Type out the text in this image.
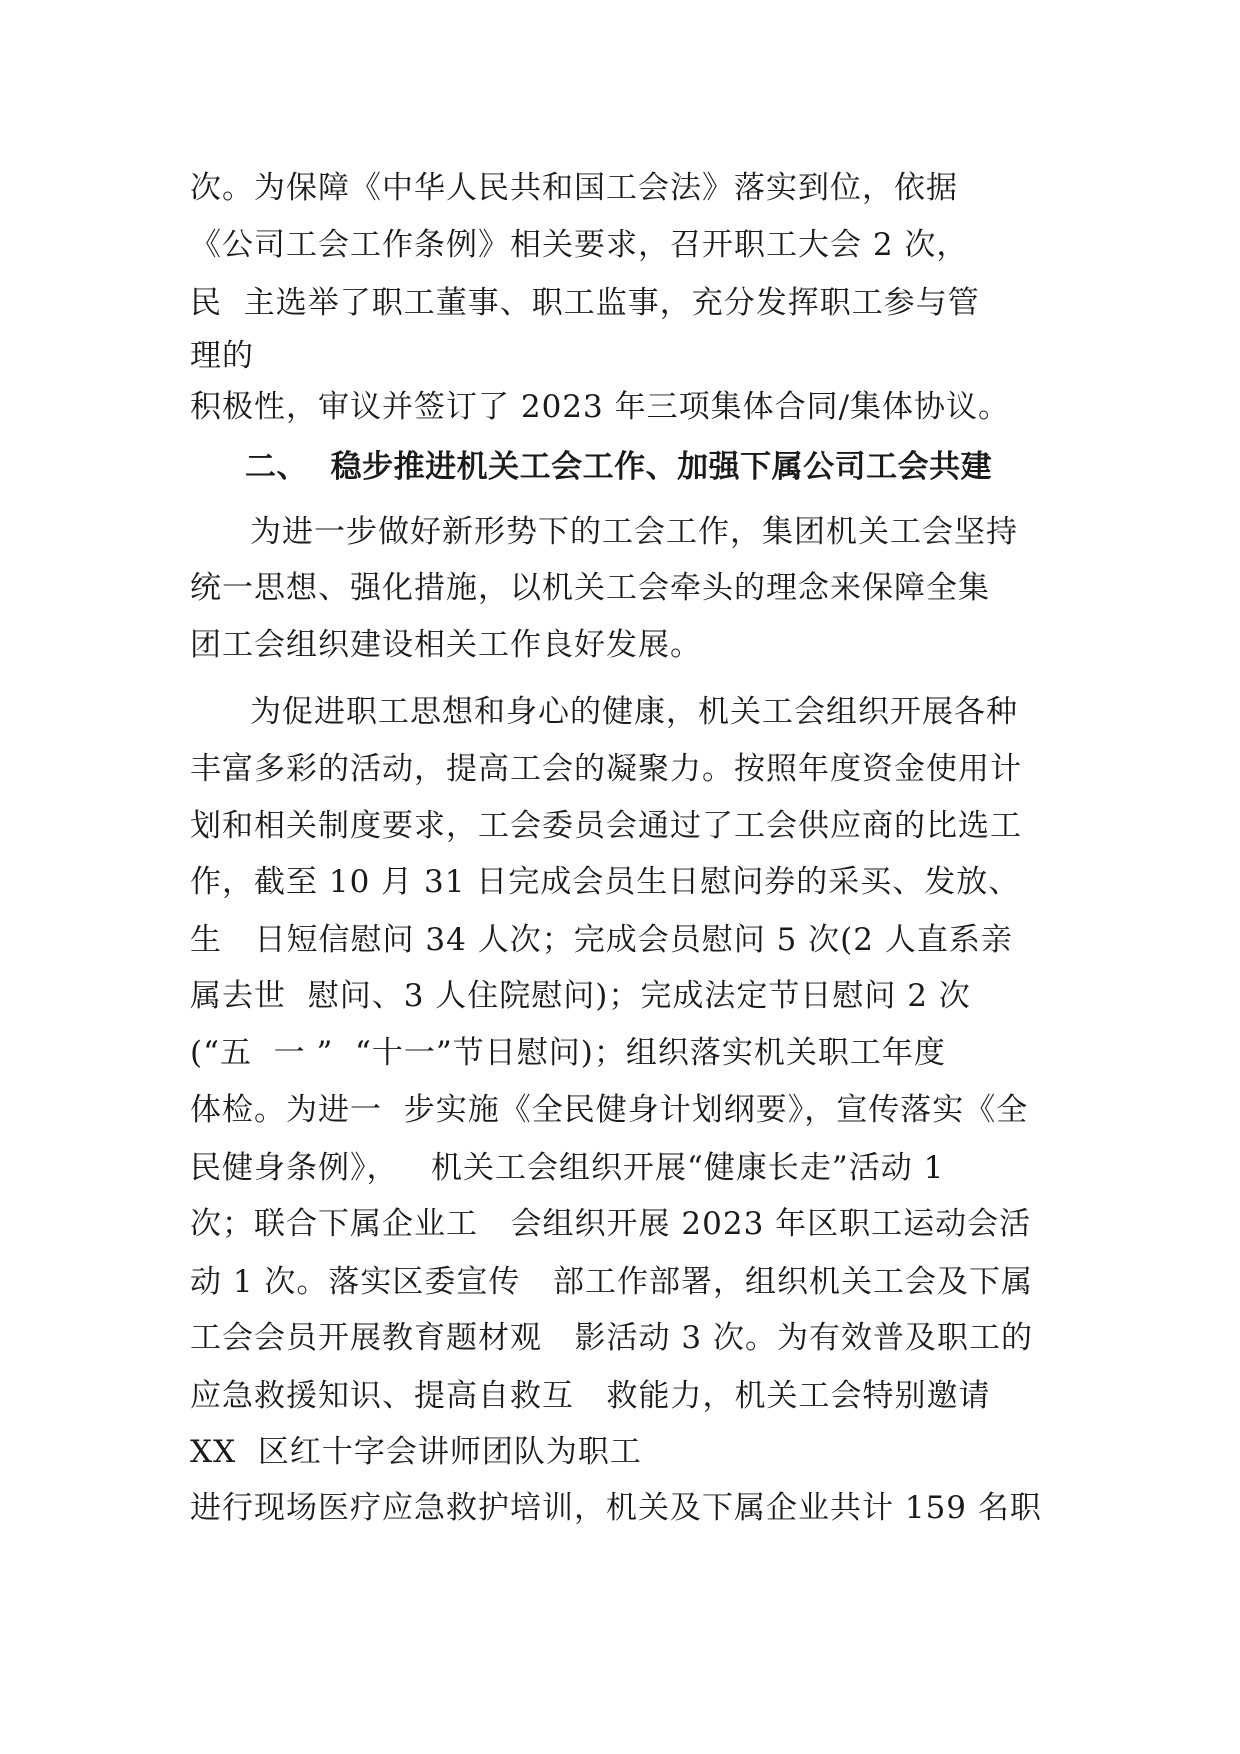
次。为保障《中华人民共和国工会法》落实到位，依据
《公司工会工作条例》相关要求，召开职工大会 2 次，
民  主选举了职工董事、职工监事，充分发挥职工参与管
理的
积极性，审议并签订了 2023 年三项集体合同/集体协议。
二、  稳步推进机关工会工作、加强下属公司工会共建
为进一步做好新形势下的工会工作，集团机关工会坚持
统一思想、强化措施，以机关工会牵头的理念来保障全集
团工会组织建设相关工作良好发展。
为促进职工思想和身心的健康，机关工会组织开展各种
丰富多彩的活动，提高工会的凝聚力。按照年度资金使用计
划和相关制度要求，工会委员会通过了工会供应商的比选工
作，截至 10 月 31 日完成会员生日慰问券的采买、发放、
生   日短信慰问 34 人次；完成会员慰问 5 次(2 人直系亲
属去世  慰问、3 人住院慰问)；完成法定节日慰问 2 次
(“五  一 ”  “十一”节日慰问)；组织落实机关职工年度
体检。为进一  步实施《全民健身计划纲要》，宣传落实《全
民健身条例》，   机关工会组织开展“健康长走”活动 1
次；联合下属企业工   会组织开展 2023 年区职工运动会活
动 1 次。落实区委宣传   部工作部署，组织机关工会及下属
工会会员开展教育题材观   影活动 3 次。为有效普及职工的
应急救援知识、提高自救互   救能力，机关工会特别邀请
XX  区红十字会讲师团队为职工
进行现场医疗应急救护培训，机关及下属企业共计 159 名职
